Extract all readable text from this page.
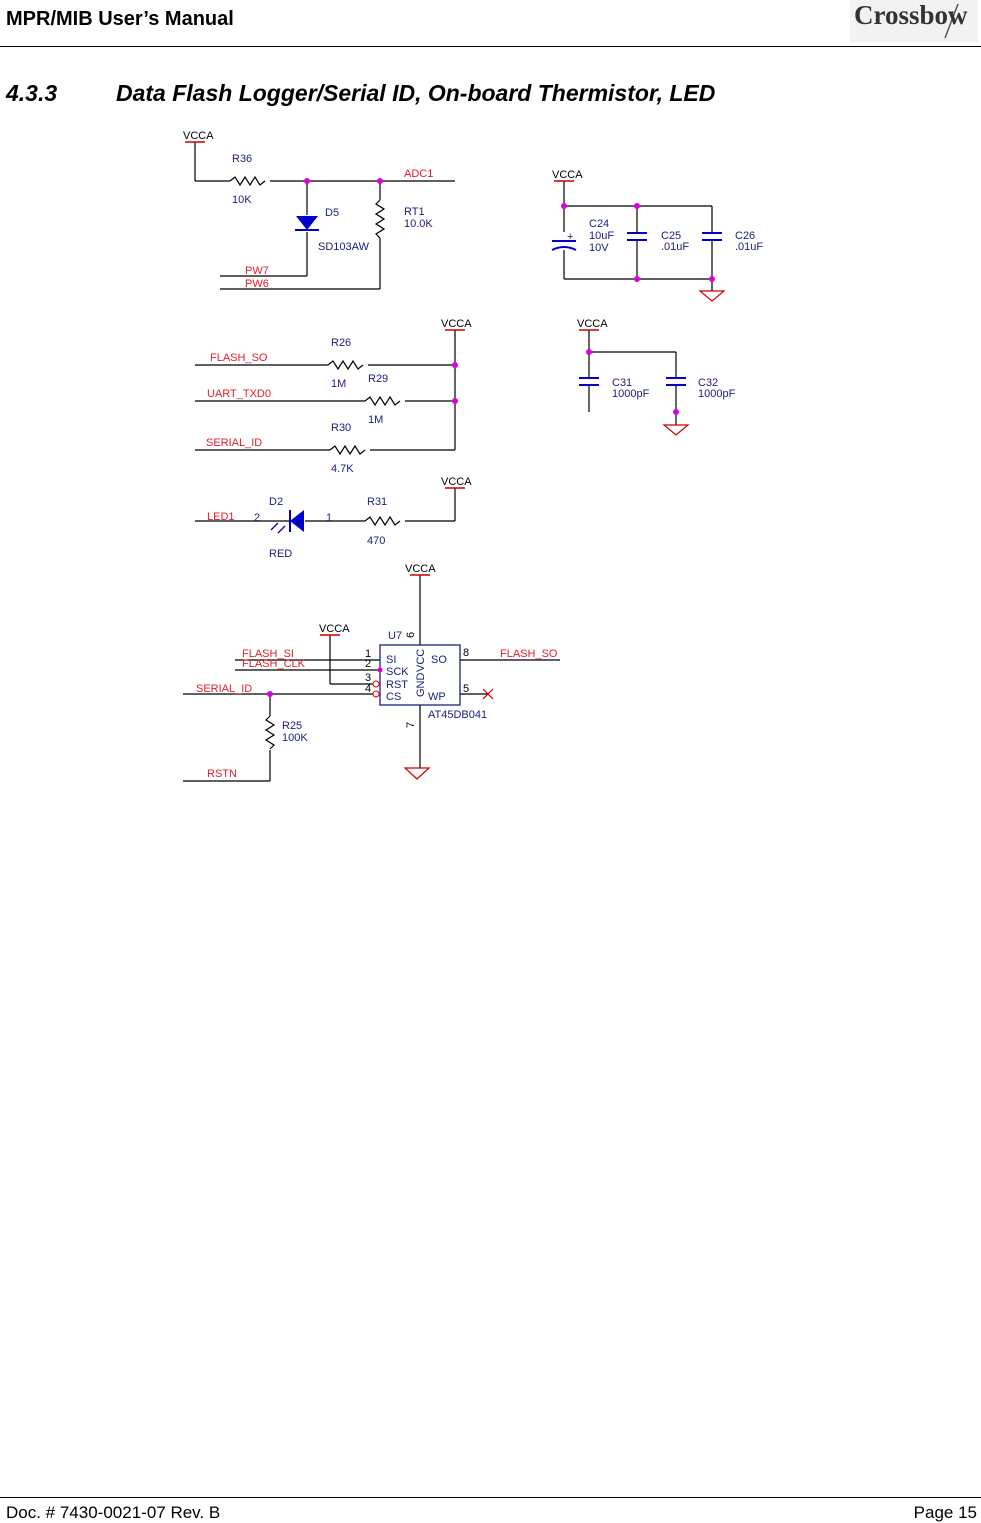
MPR/MIB User’s Manual	Crossbow
4.3.3	Data Flash Logger/Serial ID, On-board Thermistor, LED
VCCA
VCCA
VCCA	VCCA
VCCA
VCCA
VCCA
ADC1
PW7
PW6
FLASH_SO
UART_TXD0
SERIAL_ID
LED1
FLASH_SI
FLASH_CLK
SERIAL_ID
RSTN
FLASH_SO
R36
10K
D5
SD103AW
RT1
10.0K
+
C24
10uF
10V
C25
.01uF
C26
.01uF
R26
1M R29
1M
R30
4.7K
C31
1000pF
C32
1000pF
D2
RED
2	1
R31
470
U7
SI
SCK
RST
CS
SO
WP
GND
VCC
AT45DB041
R25
100K
1
2
3
4
8
5
6
7
Doc. # 7430-0021-07 Rev. B	Page 15
